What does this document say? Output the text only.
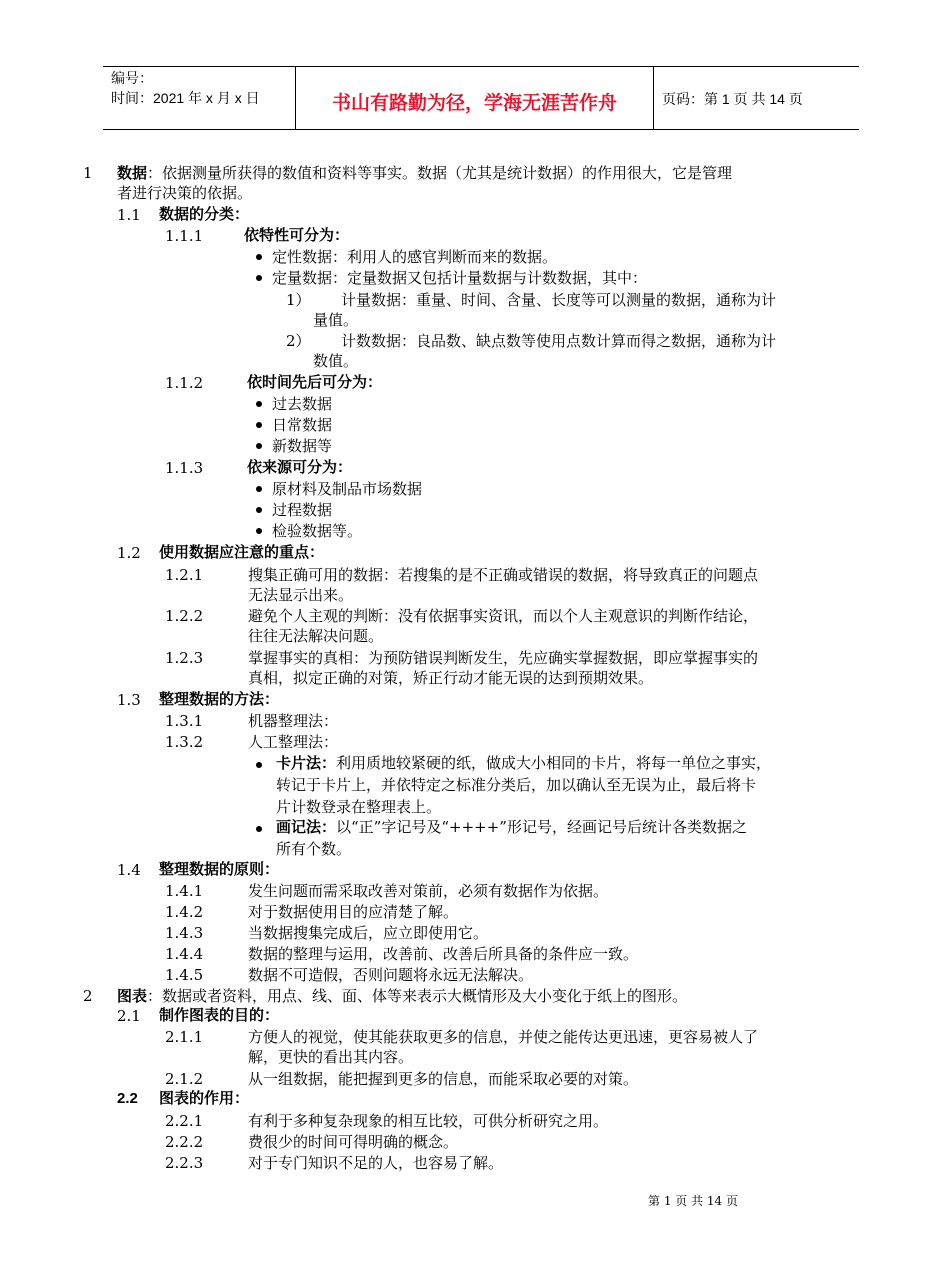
编号：
时间：2021 年 x 月 x 日	书山有路勤为径，学海无涯苦作舟	页码：第 1 页 共 14 页
1 数据：依据测量所获得的数值和资料等事实。数据（尤其是统计数据）的作用很大，它是管理
者进行决策的依据。
1.1 数据的分类：
1.1.1	依特性可分为：
定性数据：利用人的感官判断而来的数据。
定量数据：定量数据又包括计量数据与计数数据，其中：
1） 计量数据：重量、时间、含量、长度等可以测量的数据，通称为计
量值。
2） 计数数据：良品数、缺点数等使用点数计算而得之数据，通称为计
数值。
1.1.2	依时间先后可分为：
过去数据
日常数据
新数据等
1.1.3	依来源可分为：
原材料及制品市场数据
过程数据
检验数据等。
1.2 使用数据应注意的重点：
1.2.1	搜集正确可用的数据：若搜集的是不正确或错误的数据，将导致真正的问题点
无法显示出来。
1.2.2	避免个人主观的判断：没有依据事实资讯，而以个人主观意识的判断作结论，
往往无法解决问题。
1.2.3	掌握事实的真相：为预防错误判断发生，先应确实掌握数据，即应掌握事实的
真相，拟定正确的对策，矫正行动才能无误的达到预期效果。
1.3 整理数据的方法：
1.3.1	机器整理法：
1.3.2	人工整理法：
卡片法：利用质地较紧硬的纸，做成大小相同的卡片，将每一单位之事实，
转记于卡片上，并依特定之标准分类后，加以确认至无误为止，最后将卡
片计数登录在整理表上。
画记法：以“正”字记号及“++++”形记号，经画记号后统计各类数据之
所有个数。
1.4 整理数据的原则：
1.4.1	发生问题而需采取改善对策前，必须有数据作为依据。
1.4.2	对于数据使用目的应清楚了解。
1.4.3	当数据搜集完成后，应立即使用它。
1.4.4	数据的整理与运用，改善前、改善后所具备的条件应一致。
1.4.5	数据不可造假，否则问题将永远无法解决。
2 图表：数据或者资料，用点、线、面、体等来表示大概情形及大小变化于纸上的图形。
2.1 制作图表的目的：
2.1.1	方便人的视觉，使其能获取更多的信息，并使之能传达更迅速，更容易被人了
解，更快的看出其内容。
2.1.2	从一组数据，能把握到更多的信息，而能采取必要的对策。
2.2 图表的作用：
2.2.1	有利于多种复杂现象的相互比较，可供分析研究之用。
2.2.2	费很少的时间可得明确的概念。
2.2.3	对于专门知识不足的人，也容易了解。
第 1 页 共 14 页
